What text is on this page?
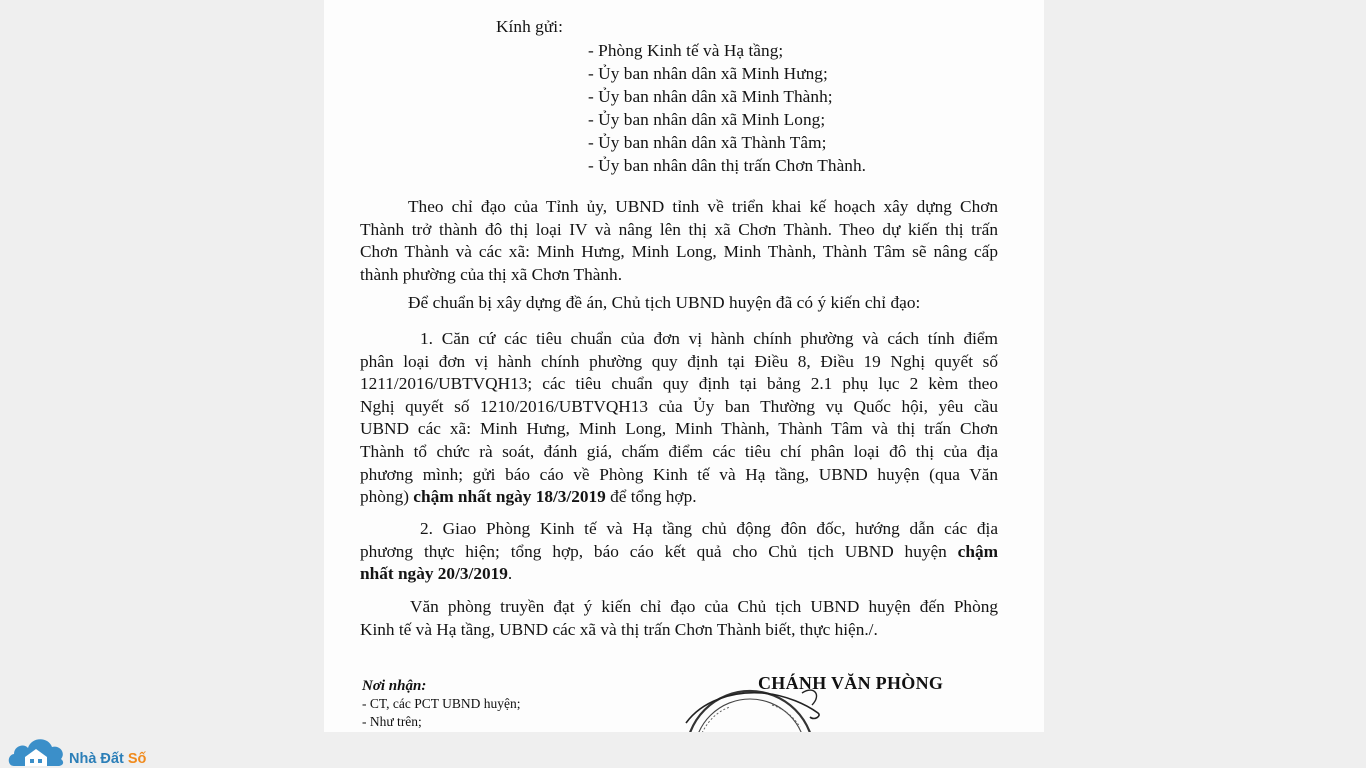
Kính gửi:
- Phòng Kinh tế và Hạ tầng;
- Ủy ban nhân dân xã Minh Hưng;
- Ủy ban nhân dân xã Minh Thành;
- Ủy ban nhân dân xã Minh Long;
- Ủy ban nhân dân xã Thành Tâm;
- Ủy ban nhân dân thị trấn Chơn Thành.
Theo chỉ đạo của Tỉnh ủy, UBND tỉnh về triển khai kế hoạch xây dựng Chơn
Thành trở thành đô thị loại IV và nâng lên thị xã Chơn Thành. Theo dự kiến thị trấn
Chơn Thành và các xã: Minh Hưng, Minh Long, Minh Thành, Thành Tâm sẽ nâng cấp
thành phường của thị xã Chơn Thành.
Để chuẩn bị xây dựng đề án, Chủ tịch UBND huyện đã có ý kiến chỉ đạo:
1. Căn cứ các tiêu chuẩn của đơn vị hành chính phường và cách tính điểm
phân loại đơn vị hành chính phường quy định tại Điều 8, Điều 19 Nghị quyết số
1211/2016/UBTVQH13; các tiêu chuẩn quy định tại bảng 2.1 phụ lục 2 kèm theo
Nghị quyết số 1210/2016/UBTVQH13 của Ủy ban Thường vụ Quốc hội, yêu cầu
UBND các xã: Minh Hưng, Minh Long, Minh Thành, Thành Tâm và thị trấn Chơn
Thành tổ chức rà soát, đánh giá, chấm điểm các tiêu chí phân loại đô thị của địa
phương mình; gửi báo cáo về Phòng Kinh tế và Hạ tầng, UBND huyện (qua Văn
phòng) chậm nhất ngày 18/3/2019 để tổng hợp.
2. Giao Phòng Kinh tế và Hạ tầng chủ động đôn đốc, hướng dẫn các địa
phương thực hiện; tổng hợp, báo cáo kết quả cho Chủ tịch UBND huyện chậm
nhất ngày 20/3/2019.
Văn phòng truyền đạt ý kiến chỉ đạo của Chủ tịch UBND huyện đến Phòng
Kinh tế và Hạ tầng, UBND các xã và thị trấn Chơn Thành biết, thực hiện./.
Nơi nhận:
- CT, các PCT UBND huyện;
- Như trên;
CHÁNH VĂN PHÒNG
Nhà Đất Số
